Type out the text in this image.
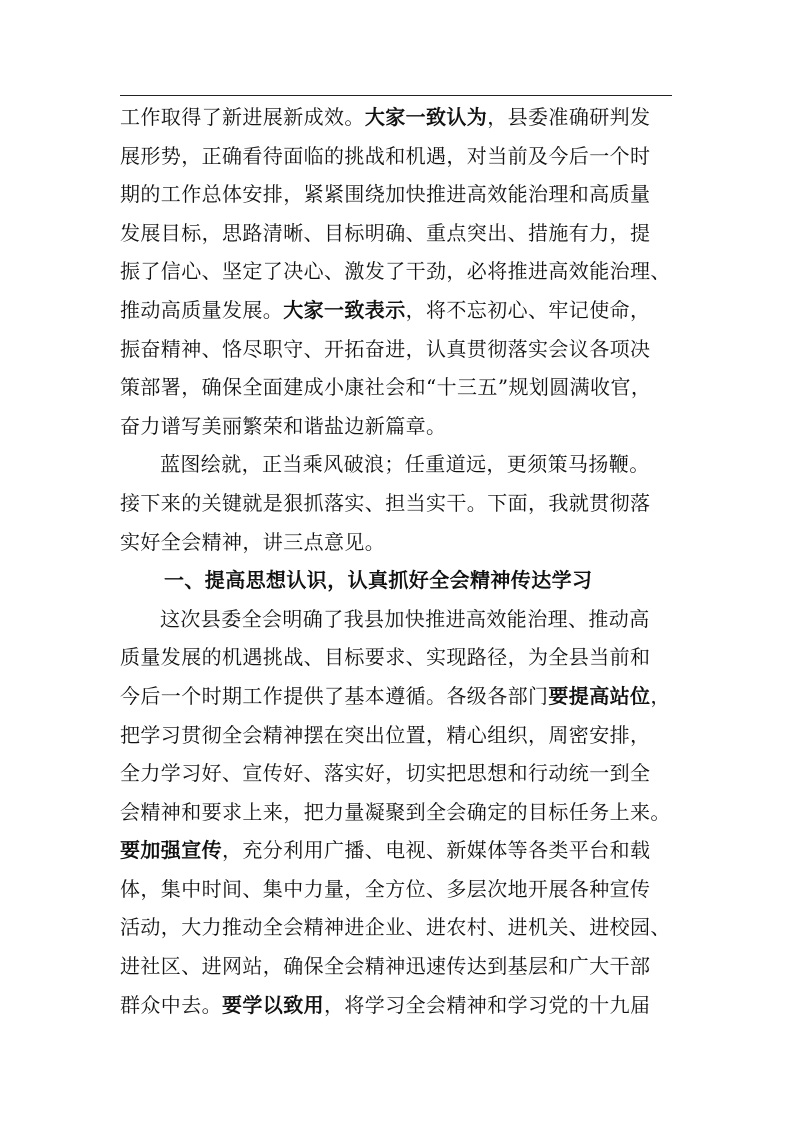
工作取得了新进展新成效。大家一致认为，县委准确研判发
展形势，正确看待面临的挑战和机遇，对当前及今后一个时
期的工作总体安排，紧紧围绕加快推进高效能治理和高质量
发展目标，思路清晰、目标明确、重点突出、措施有力，提
振了信心、坚定了决心、激发了干劲，必将推进高效能治理、
推动高质量发展。大家一致表示，将不忘初心、牢记使命，
振奋精神、恪尽职守、开拓奋进，认真贯彻落实会议各项决
策部署，确保全面建成小康社会和“十三五”规划圆满收官，
奋力谱写美丽繁荣和谐盐边新篇章。
蓝图绘就，正当乘风破浪；任重道远，更须策马扬鞭。
接下来的关键就是狠抓落实、担当实干。下面，我就贯彻落
实好全会精神，讲三点意见。
一、提高思想认识，认真抓好全会精神传达学习
这次县委全会明确了我县加快推进高效能治理、推动高
质量发展的机遇挑战、目标要求、实现路径，为全县当前和
今后一个时期工作提供了基本遵循。各级各部门要提高站位，
把学习贯彻全会精神摆在突出位置，精心组织，周密安排，
全力学习好、宣传好、落实好，切实把思想和行动统一到全
会精神和要求上来，把力量凝聚到全会确定的目标任务上来。
要加强宣传，充分利用广播、电视、新媒体等各类平台和载
体，集中时间、集中力量，全方位、多层次地开展各种宣传
活动，大力推动全会精神进企业、进农村、进机关、进校园、
进社区、进网站，确保全会精神迅速传达到基层和广大干部
群众中去。要学以致用，将学习全会精神和学习党的十九届
